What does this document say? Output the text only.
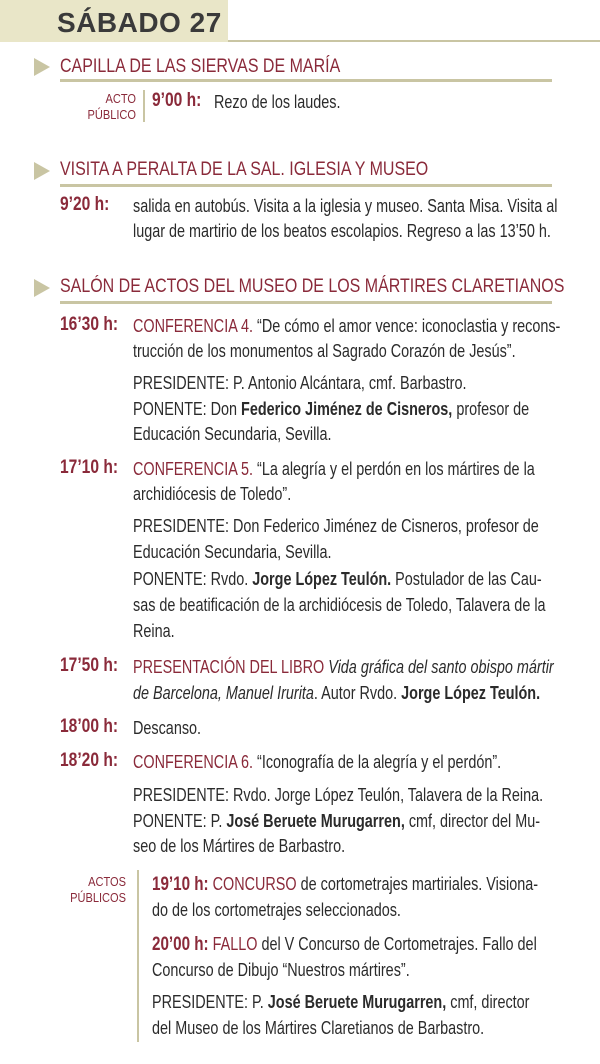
SÁBADO 27
CAPILLA DE LAS SIERVAS DE MARÍA
ACTO
PÚBLICO
9’00 h: Rezo de los laudes.
VISITA A PERALTA DE LA SAL. IGLESIA Y MUSEO
9’20 h: salida en autobús. Visita a la iglesia y museo. Santa Misa. Visita al
lugar de martirio de los beatos escolapios. Regreso a las 13’50 h.
SALÓN DE ACTOS DEL MUSEO DE LOS MÁRTIRES CLARETIANOS
16’30 h: CONFERENCIA 4. “De cómo el amor vence: iconoclastia y recons-
trucción de los monumentos al Sagrado Corazón de Jesús”.
PRESIDENTE: P. Antonio Alcántara, cmf. Barbastro.
PONENTE: Don Federico Jiménez de Cisneros, profesor de
Educación Secundaria, Sevilla.
17’10 h: CONFERENCIA 5. “La alegría y el perdón en los mártires de la
archidiócesis de Toledo”.
PRESIDENTE: Don Federico Jiménez de Cisneros, profesor de
Educación Secundaria, Sevilla.
PONENTE: Rvdo. Jorge López Teulón. Postulador de las Cau-
sas de beatificación de la archidiócesis de Toledo, Talavera de la
Reina.
17’50 h: PRESENTACIÓN DEL LIBRO Vida gráfica del santo obispo mártir
de Barcelona, Manuel Irurita. Autor Rvdo. Jorge López Teulón.
18’00 h: Descanso.
18’20 h: CONFERENCIA 6. “Iconografía de la alegría y el perdón”.
PRESIDENTE: Rvdo. Jorge López Teulón, Talavera de la Reina.
PONENTE: P. José Beruete Murugarren, cmf, director del Mu-
seo de los Mártires de Barbastro.
ACTOS
PÚBLICOS
19’10 h: CONCURSO de cortometrajes martiriales. Visiona-
do de los cortometrajes seleccionados.
20’00 h: FALLO del V Concurso de Cortometrajes. Fallo del
Concurso de Dibujo “Nuestros mártires”.
PRESIDENTE: P. José Beruete Murugarren, cmf, director
del Museo de los Mártires Claretianos de Barbastro.
